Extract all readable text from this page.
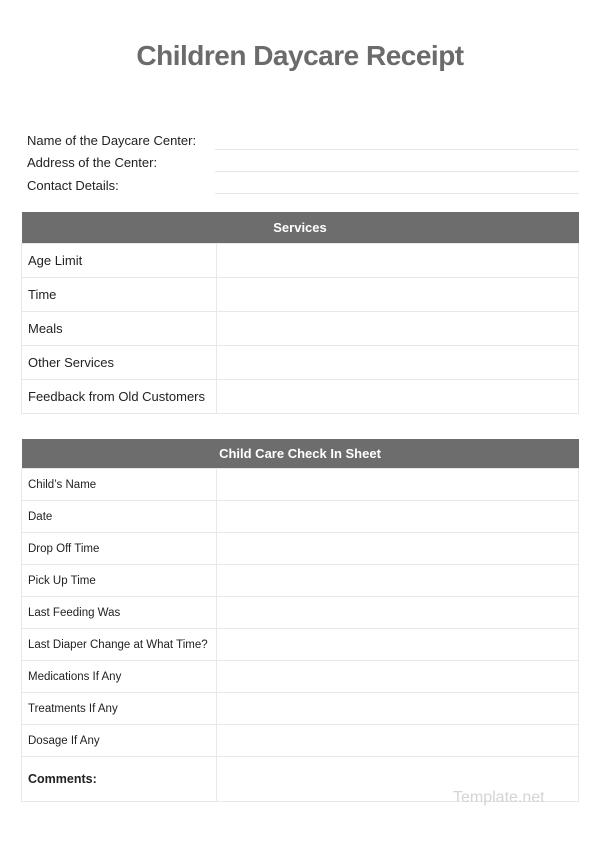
Children Daycare Receipt
Name of the Daycare Center:
Address of the Center:
Contact Details:
Services	
Age Limit	
Time	
Meals	
Other Services	
Feedback from Old Customers	
Child Care Check In Sheet	
Child’s Name	
Date	
Drop Off Time	
Pick Up Time	
Last Feeding Was	
Last Diaper Change at What Time?	
Medications If Any	
Treatments If Any	
Dosage If Any	
Comments:	
Template.net
